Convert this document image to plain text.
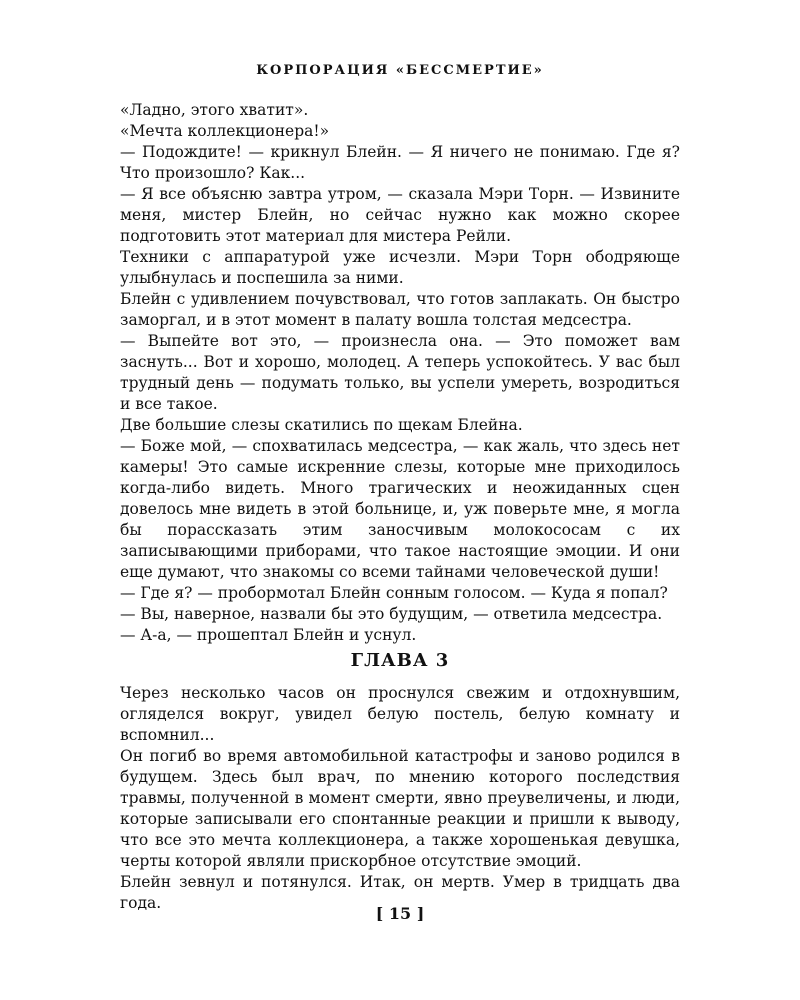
КОРПОРАЦИЯ «БЕССМЕРТИЕ»

«Ладно, этого хватит».

«Мечта коллекционера!»

— Подождите! — крикнул Блейн. — Я ничего не понимаю. Где я? Что произошло? Как...

— Я все объясню завтра утром, — сказала Мэри Торн. — Извините меня, мистер Блейн, но сейчас нужно как можно скорее подготовить этот материал для мистера Рейли.

Техники с аппаратурой уже исчезли. Мэри Торн ободряюще улыбнулась и поспешила за ними.

Блейн с удивлением почувствовал, что готов заплакать. Он быстро заморгал, и в этот момент в палату вошла толстая медсестра.

— Выпейте вот это, — произнесла она. — Это поможет вам заснуть... Вот и хорошо, молодец. А теперь успокойтесь. У вас был трудный день — подумать только, вы успели умереть, возродиться и все такое.

Две большие слезы скатились по щекам Блейна.

— Боже мой, — спохватилась медсестра, — как жаль, что здесь нет камеры! Это самые искренние слезы, которые мне приходилось когда-либо видеть. Много трагических и неожиданных сцен довелось мне видеть в этой больнице, и, уж поверьте мне, я могла бы порассказать этим заносчивым молокососам с их записывающими приборами, что такое настоящие эмоции. И они еще думают, что знакомы со всеми тайнами человеческой души!

— Где я? — пробормотал Блейн сонным голосом. — Куда я попал?

— Вы, наверное, назвали бы это будущим, — ответила медсестра.

— А-а, — прошептал Блейн и уснул.

ГЛАВА 3

Через несколько часов он проснулся свежим и отдохнувшим, огляделся вокруг, увидел белую постель, белую комнату и вспомнил...

Он погиб во время автомобильной катастрофы и заново родился в будущем. Здесь был врач, по мнению которого последствия травмы, полученной в момент смерти, явно преувеличены, и люди, которые записывали его спонтанные реакции и пришли к выводу, что все это мечта коллекционера, а также хорошенькая девушка, черты которой являли прискорбное отсутствие эмоций.

Блейн зевнул и потянулся. Итак, он мертв. Умер в тридцать два года.

[ 15 ]
